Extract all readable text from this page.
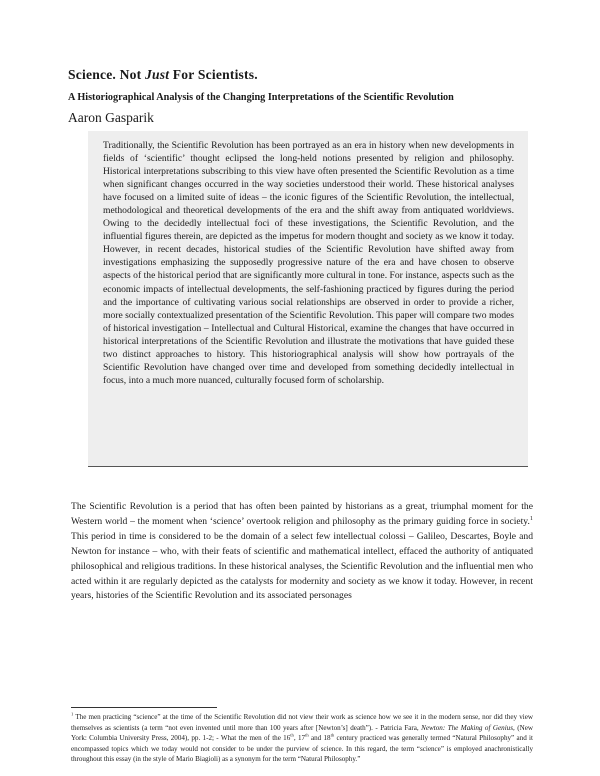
Science. Not Just For Scientists.

A Historiographical Analysis of the Changing Interpretations of the Scientific Revolution

Aaron Gasparik

Traditionally, the Scientific Revolution has been portrayed as an era in history when new developments in fields of ‘scientific’ thought eclipsed the long-held notions presented by religion and philosophy. Historical interpretations subscribing to this view have often presented the Scientific Revolution as a time when significant changes occurred in the way societies understood their world. These historical analyses have focused on a limited suite of ideas – the iconic figures of the Scientific Revolution, the intellectual, methodological and theoretical developments of the era and the shift away from antiquated worldviews. Owing to the decidedly intellectual foci of these investigations, the Scientific Revolution, and the influential figures therein, are depicted as the impetus for modern thought and society as we know it today. However, in recent decades, historical studies of the Scientific Revolution have shifted away from investigations emphasizing the supposedly progressive nature of the era and have chosen to observe aspects of the historical period that are significantly more cultural in tone. For instance, aspects such as the economic impacts of intellectual developments, the self-fashioning practiced by figures during the period and the importance of cultivating various social relationships are observed in order to provide a richer, more socially contextualized presentation of the Scientific Revolution. This paper will compare two modes of historical investigation – Intellectual and Cultural Historical, examine the changes that have occurred in historical interpretations of the Scientific Revolution and illustrate the motivations that have guided these two distinct approaches to history. This historiographical analysis will show how portrayals of the Scientific Revolution have changed over time and developed from something decidedly intellectual in focus, into a much more nuanced, culturally focused form of scholarship.

The Scientific Revolution is a period that has often been painted by historians as a great, triumphal moment for the Western world – the moment when ‘science’ overtook religion and philosophy as the primary guiding force in society.$^1$ This period in time is considered to be the domain of a select few intellectual colossi – Galileo, Descartes, Boyle and Newton for instance – who, with their feats of scientific and mathematical intellect, effaced the authority of antiquated philosophical and religious traditions. In these historical analyses, the Scientific Revolution and the influential men who acted within it are regularly depicted as the catalysts for modernity and society as we know it today. However, in recent years, histories of the Scientific Revolution and its associated personages

$^1$ The men practicing “science” at the time of the Scientific Revolution did not view their work as science how we see it in the modern sense, nor did they view themselves as scientists (a term “not even invented until more than 100 years after [Newton’s] death”). - Patricia Fara, Newton: The Making of Genius, (New York: Columbia University Press, 2004), pp. 1-2; - What the men of the 16th, 17th and 18th century practiced was generally termed “Natural Philosophy” and it encompassed topics which we today would not consider to be under the purview of science. In this regard, the term “science” is employed anachronistically throughout this essay (in the style of Mario Biagioli) as a synonym for the term “Natural Philosophy.”
